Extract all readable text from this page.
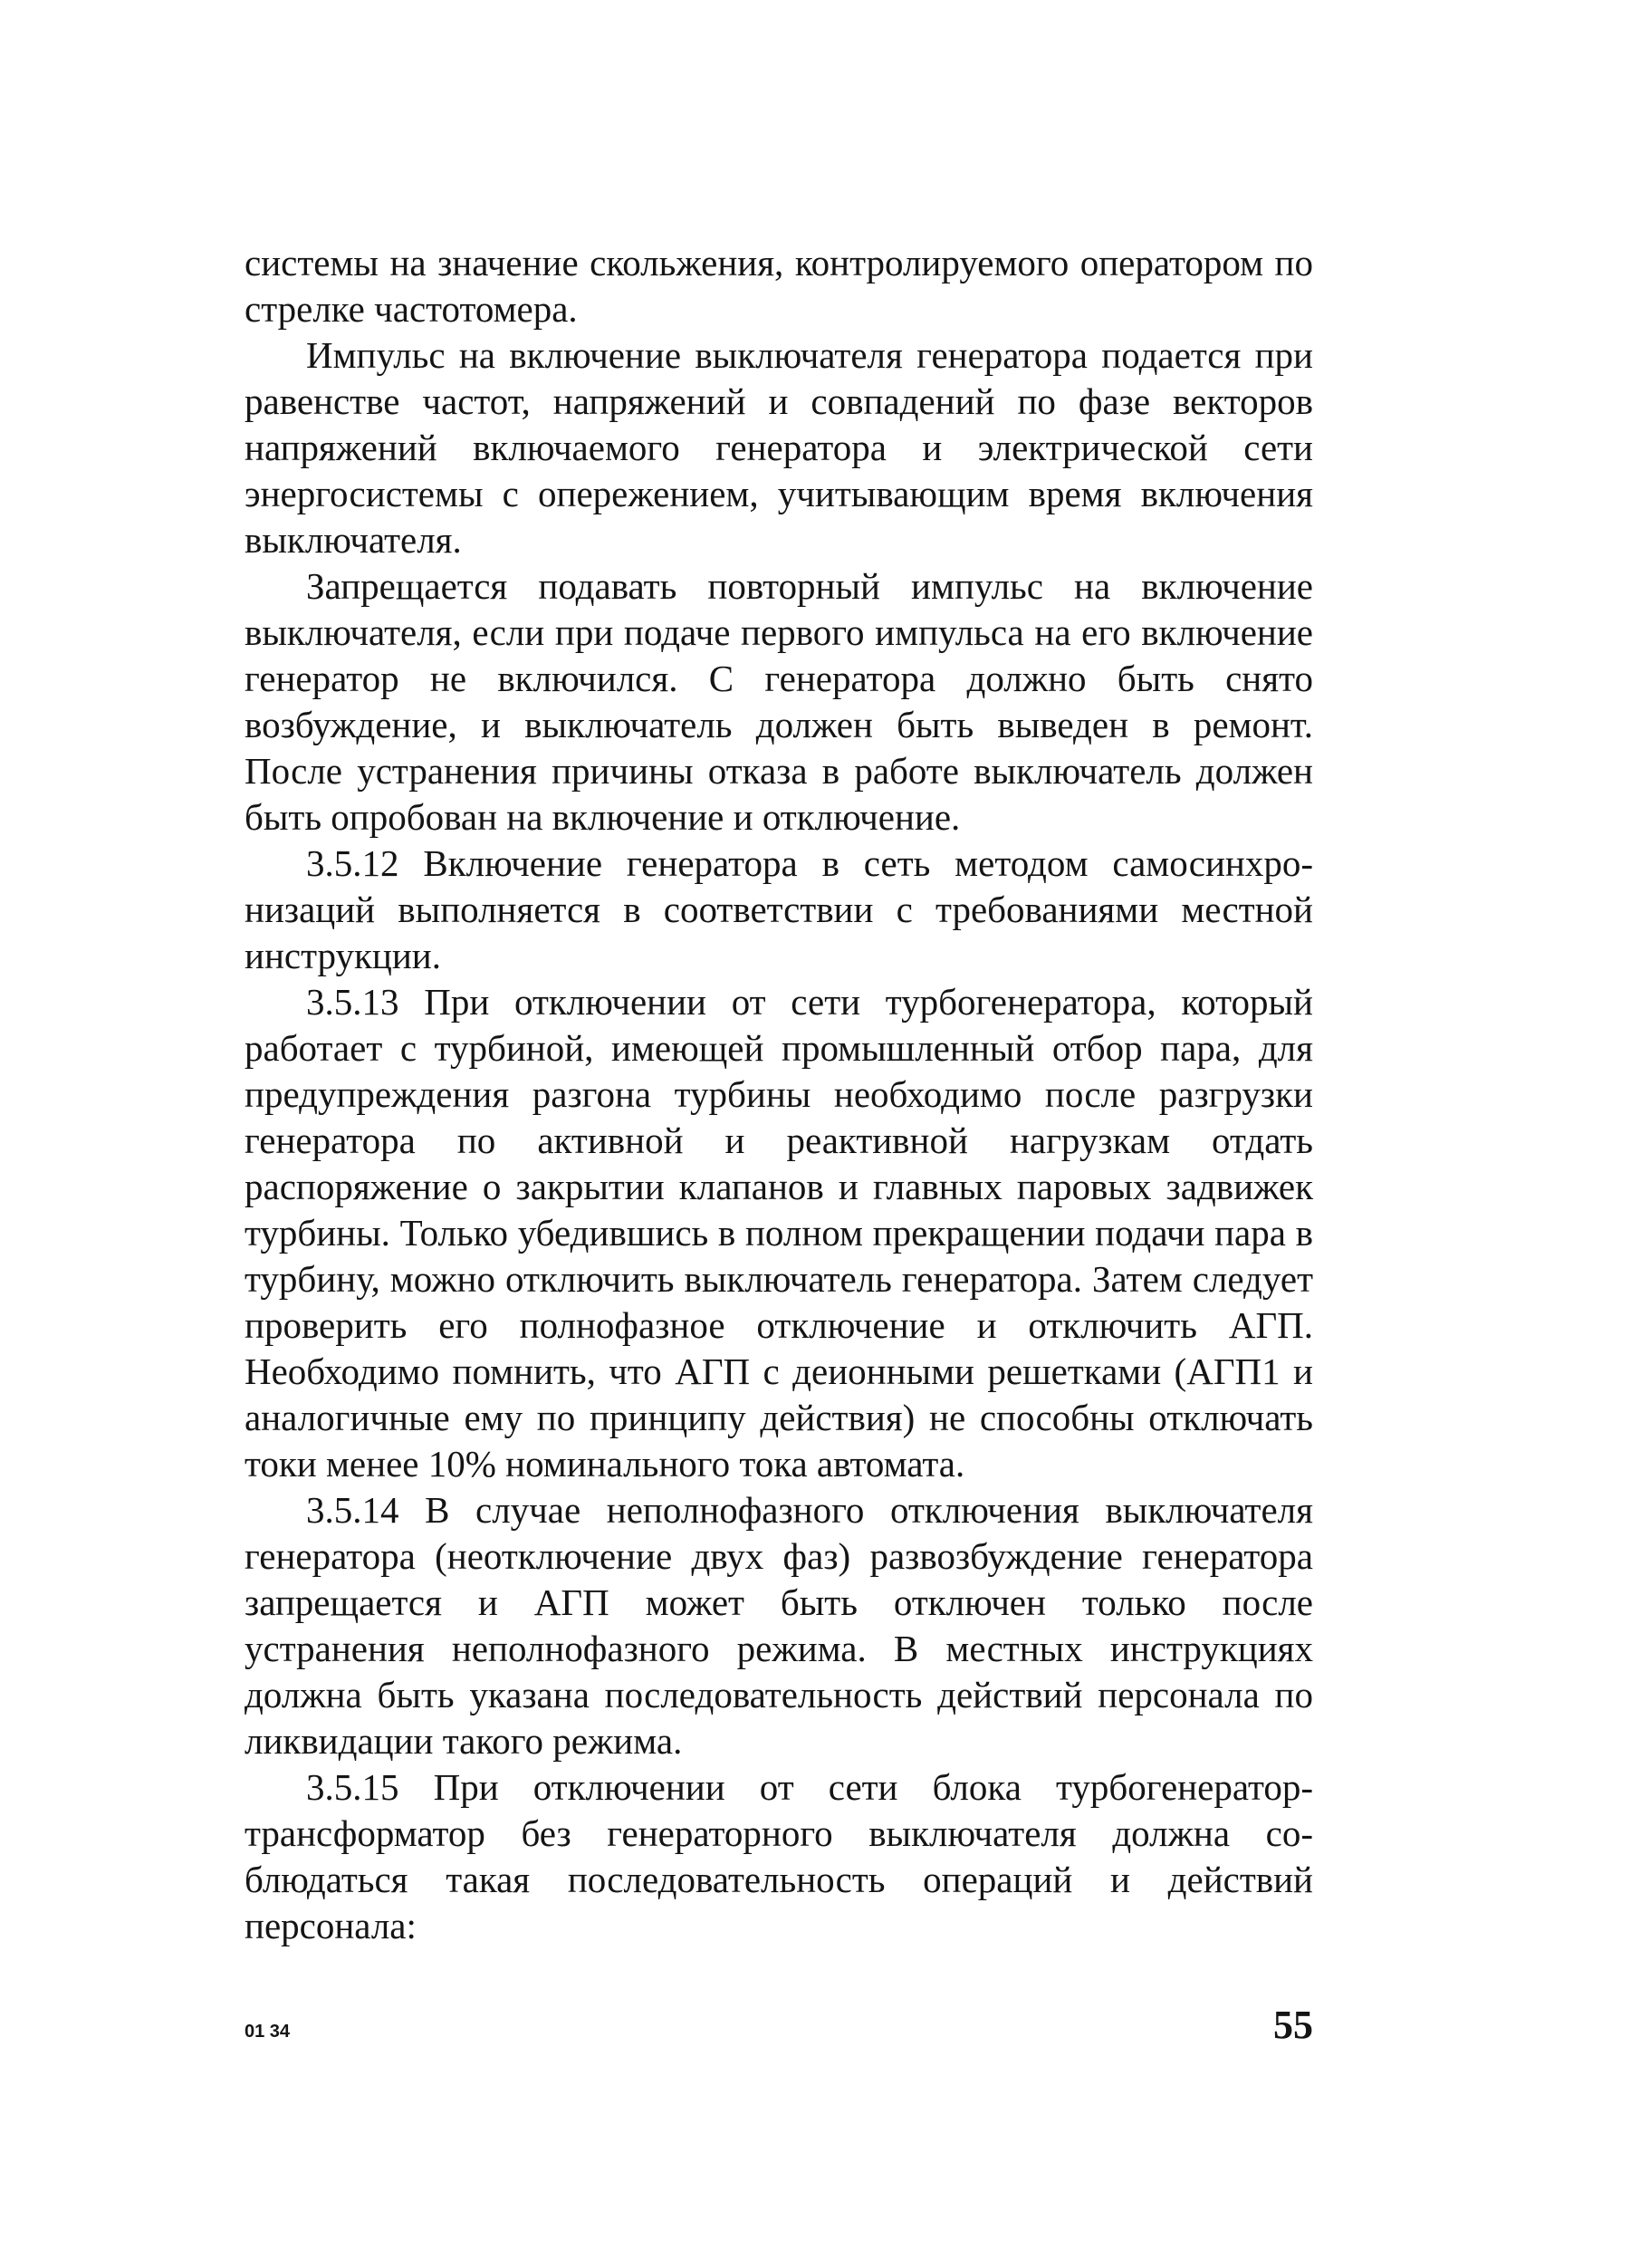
системы на значение скольжения, контролируемого оператором по стрелке частотомера.

Импульс на включение выключателя генератора подается при равенстве частот, напряжений и совпадений по фазе векторов напряжений включаемого генератора и электрической сети энергосистемы с опережением, учитывающим время включения выключателя.

Запрещается подавать повторный импульс на включение выключателя, если при подаче первого импульса на его включение генератор не включился. С генератора должно быть снято возбуждение, и выключатель должен быть выведен в ремонт. После устранения причины отказа в работе выключатель должен быть опробован на включение и отключение.

3.5.12 Включение генератора в сеть методом самосинхронизаций выполняется в соответствии с требованиями местной инструкции.

3.5.13 При отключении от сети турбогенератора, который работает с турбиной, имеющей промышленный отбор пара, для предупреждения разгона турбины необходимо после разгрузки генератора по активной и реактивной нагрузкам отдать распоряжение о закрытии клапанов и главных паровых задвижек турбины. Только убедившись в полном прекращении подачи пара в турбину, можно отключить выключатель генератора. Затем следует проверить его полнофазное отключение и отключить АГП. Необходимо помнить, что АГП с деионными решетками (АГП1 и аналогичные ему по принципу действия) не способны отключать токи менее 10% номинального тока автомата.

3.5.14 В случае неполнофазного отключения выключателя генератора (неотключение двух фаз) развозбуждение генератора запрещается и АГП может быть отключен только после устранения неполнофазного режима. В местных инструкциях должна быть указана последовательность действий персонала по ликвидации такого режима.

3.5.15 При отключении от сети блока турбогенератортрансформатор без генераторного выключателя должна соблюдаться такая последовательность операций и действий персонала:

01 34	55
